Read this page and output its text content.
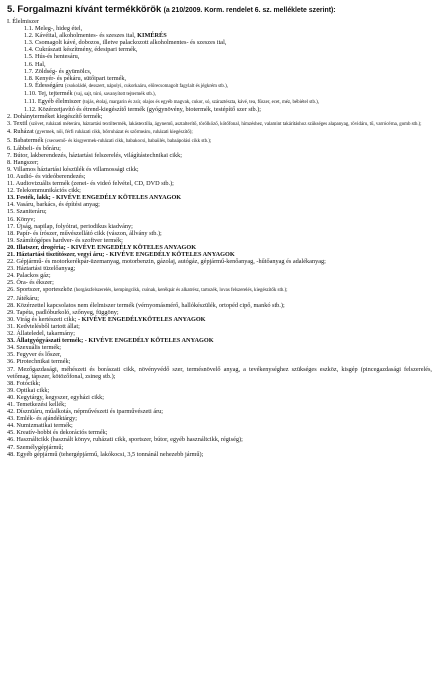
5. Forgalmazni kívánt termékkörök (a 210/2009. Korm. rendelet 6. sz. melléklete szerint):
I. Élelmiszer
1.1. Meleg-, hideg étel,
1.2. Kávéital, alkoholmentes- és szeszes ital, KIMÉRÉS
1.3. Csomagolt kávé, dobozos, illetve palackozott alkoholmentes- és szeszes ital,
1.4. Cukrászati készítmény, édesipari termék,
1.5. Hús-és hentesáru,
1.6. Hal,
1.7. Zöldség- és gyümölcs,
1.8. Kenyér- és pékáru, sütőipari termék,
1.9. Édességáru (csokoládé, desszert, nápolyi, cukorkaáru, előrecsomagolt fagylalt és jégkrém stb.),
1.10. Tej, tejtermék (vaj, sajt, túró, savanyított tejtermék stb.),
1.11. Egyéb élelmiszer (tojás, étolaj, margarin és zsír, olajos és egyéb magvak, cukor, só, száraztészta, kávé, tea, fűszer, ecet, méz, bébiétel stb.),
1.12. Közérzetjavító és étrend-kiegészítő termék (gyógynövény, biotermék, testépítő szer stb.);
2. Dohányterméket kiegészítő termék;
3. Textil (szövet, ruházati méteráru, háztartási textiltermék, lakástextília, ágynemű, asztalterítő, törölköző, kötőfonal, hímzéshez, valamint takárításhoz szükséges alapanyag, rövidáru, tű, varrócérna, gomb stb.);
4. Ruházat (gyermek, női, férfi ruházati cikk, bőrruházat és szőrmeáru, ruházati kiegészítő);
5. Babatermék (csecsemő- és kisgyermek-ruházati cikk, babakocsi, babaülés, babaápolási cikk stb.);
6. Lábbeli- és bőráru;
7. Bútor, lakberendezés, háztartási felszerelés, világítástechnikai cikk;
8. Hangszer;
9. Villamos háztartási készülék és villamossági cikk;
10. Audió- és videóberendezés;
11. Audiovizuális termék (zenei- és videó felvétel, CD, DVD stb.);
12. Telekommunikációs cikk;
13. Festék, lakk; - KIVÉVE ENGEDÉLY KÖTELES ANYAGOK
14. Vasáru, barkács, és építési anyag;
15. Szaniteráru;
16. Könyv;
17. Újság, napilap, folyóirat, periodikus kiadvány;
18. Papír- és írószer, művészellátó cikk (vászon, állvány stb.);
19. Számítógépes hardver- és szoftver termék;
20. Illatszer, drogéria; - KIVÉVE ENGEDÉLY KÖTELES ANYAGOK
21. Háztartási tisztítószer, vegyi áru; - KIVÉVE ENGEDÉLY KÖTELES ANYAGOK
22. Gépjármű- és motorkerékpár-üzemanyag, motorbenzin, gázolaj, autógáz, gépjármű-kenőanyag, -hűtőanyag és adalékanyag;
23. Háztartási tüzelőanyag;
24. Palackos gáz;
25. Óra- és ékszer;
26. Sportszer, sporteszköz (horgászfelszerelés, kempingcikk, csónak, kerékpár és alkatrész, tartozék, lovas felszerelés, kiegészítők stb.);
27. Játékáru;
28. Közérzettel kapcsolatos nem élelmiszer termék (vérnyomásmérő, hallókészülék, ortopéd cipő, mankó stb.);
29. Tapéta, padlóburkoló, szőnyeg, függöny;
30. Virág és kertészeti cikk; - KIVÉVE ENGEDÉLYKÖTELES ANYAGOK
31. Kedvtelésből tartott állat;
32. Állateledel, takarmány;
33. Állatgyógyászati termék; - KIVÉVE ENGEDÉLY KÖTELES ANYAGOK
34. Szexuális termék;
35. Fegyver és lőszer,
36. Pirotechnikai termék;
37. Mezőgazdasági, méhészeti és borászati cikk, növényvédő szer, termésnövelő anyag, a tevékenységhez szükséges eszköz, kisgép (pincegazdasági felszerelés, vetőmag, tápszer, kötözőfonal, zsineg stb.);
38. Fotócikk;
39. Optikai cikk;
40. Kegytárgy, kegyszer, egyházi cikk;
41. Temetkezési kellék;
42. Dísznüáru, műalkotás, népművészeti és iparművészeti áru;
43. Emlék- és ajándéktárgy;
44. Numizmatikai termék;
45. Kreatív-hobbi és dekorációs termék;
46. Használtcikk (használt könyv, ruházati cikk, sportszer, bútor, egyéb használtcikk, régiség);
47. Személygépjármű;
48. Egyéb gépjármű (tehergépjármű, lakókocsi, 3,5 tonnánál nehezebb jármű);
